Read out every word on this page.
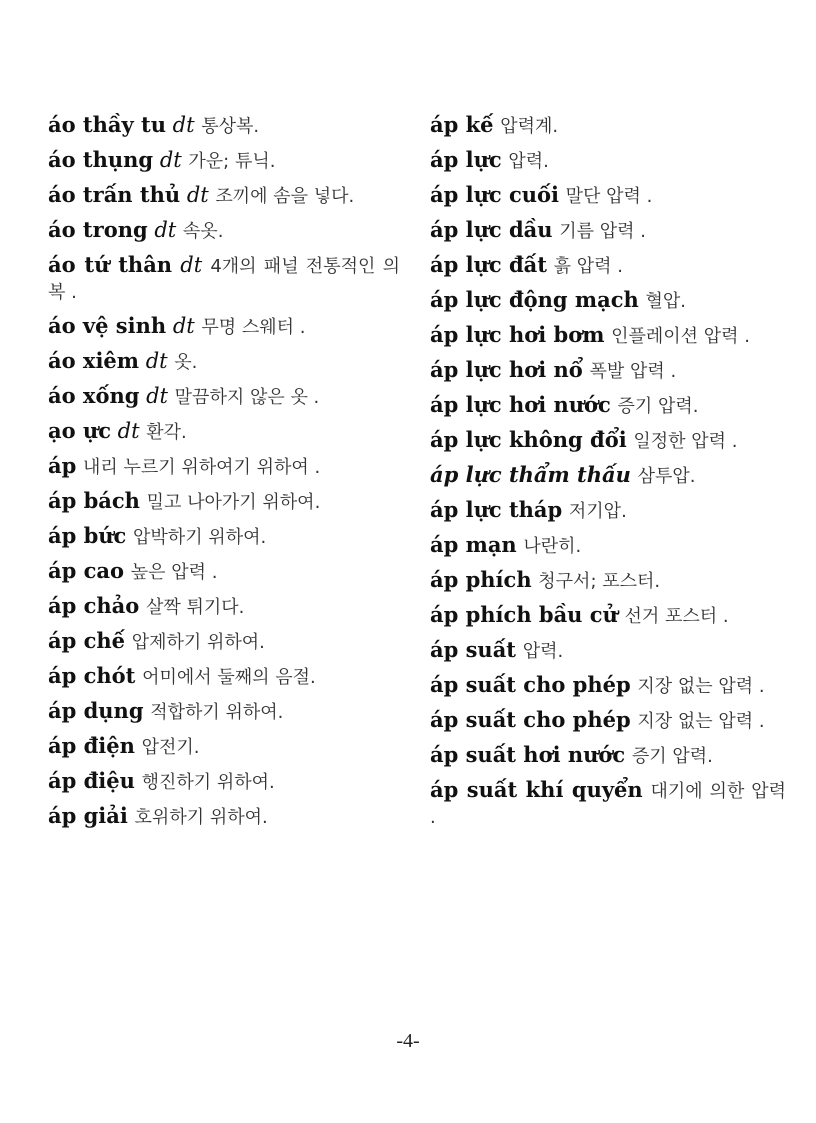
áo thầy tu dt 통상복.
áo thụng dt 가운; 튜닉.
áo trấn thủ dt 조끼에 솜을 넣다.
áo trong dt 속옷.
áo tứ thân dt 4개의 패널 전통적인 의복 .
áo vệ sinh dt 무명 스웨터 .
áo xiêm dt 옷.
áo xống dt 말끔하지 않은 옷 .
ạo ực dt 환각.
áp 내리 누르기 위하여기 위하여 .
áp bách 밀고 나아가기 위하여.
áp bức 압박하기 위하여.
áp cao 높은 압력 .
áp chảo 살짝 튀기다.
áp chế 압제하기 위하여.
áp chót 어미에서 둘째의 음절.
áp dụng 적합하기 위하여.
áp điện 압전기.
áp điệu 행진하기 위하여.
áp giải 호위하기 위하여.
áp kế 압력계.
áp lực 압력.
áp lực cuối 말단 압력 .
áp lực dầu 기름 압력 .
áp lực đất 흙 압력 .
áp lực động mạch 혈압.
áp lực hơi bơm 인플레이션 압력 .
áp lực hơi nổ 폭발 압력 .
áp lực hơi nước 증기 압력.
áp lực không đổi 일정한 압력 .
áp lực thẩm thấu 삼투압.
áp lực tháp 저기압.
áp mạn 나란히.
áp phích 청구서; 포스터.
áp phích bầu cử 선거 포스터 .
áp suất 압력.
áp suất cho phép 지장 없는 압력 .
áp suất cho phép 지장 없는 압력 .
áp suất hơi nước 증기 압력.
áp suất khí quyển 대기에 의한 압력 .
-4-
